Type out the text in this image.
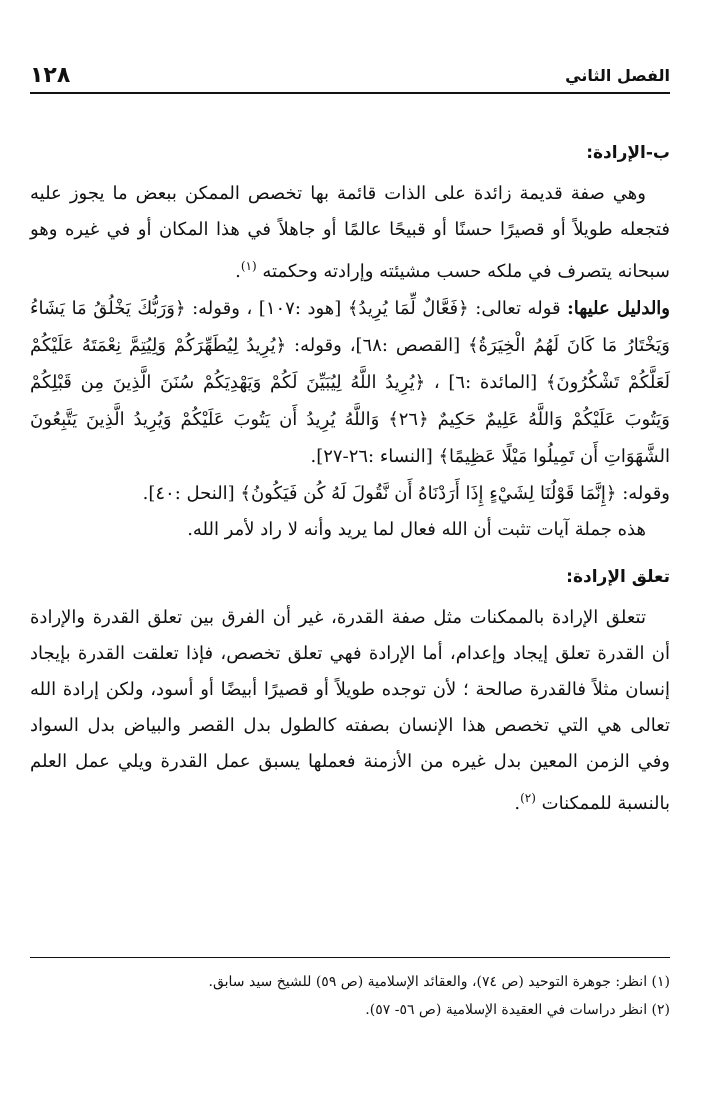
الفصل الثاني
١٢٨
ب-الإرادة:

وهي صفة قديمة زائدة على الذات قائمة بها تخصص الممكن ببعض ما يجوز عليه فتجعله طويلاً أو قصيرًا حسنًا أو قبيحًا عالمًا أو جاهلاً في هذا المكان أو في غيره وهو سبحانه يتصرف في ملكه حسب مشيئته وإرادته وحكمته $^{(١)}$.

والدليل عليها: قوله تعالى: ﴿فَعَّالٌ لِّمَا يُرِيدُ﴾ [هود :١٠٧] ، وقوله: ﴿وَرَبُّكَ يَخْلُقُ مَا يَشَاءُ وَيَخْتَارُ مَا كَانَ لَهُمُ الْخِيَرَةُ﴾ [القصص :٦٨]، وقوله: ﴿يُرِيدُ لِيُطَهِّرَكُمْ وَلِيُتِمَّ نِعْمَتَهُ عَلَيْكُمْ لَعَلَّكُمْ تَشْكُرُونَ﴾ [المائدة :٦] ، ﴿يُرِيدُ اللَّهُ لِيُبَيِّنَ لَكُمْ وَيَهْدِيَكُمْ سُنَنَ الَّذِينَ مِن قَبْلِكُمْ وَيَتُوبَ عَلَيْكُمْ وَاللَّهُ عَلِيمٌ حَكِيمٌ ﴿٢٦﴾ وَاللَّهُ يُرِيدُ أَن يَتُوبَ عَلَيْكُمْ وَيُرِيدُ الَّذِينَ يَتَّبِعُونَ الشَّهَوَاتِ أَن تَمِيلُوا مَيْلًا عَظِيمًا﴾ [النساء :٢٦-٢٧].

وقوله: ﴿إِنَّمَا قَوْلُنَا لِشَيْءٍ إِذَا أَرَدْنَاهُ أَن نَّقُولَ لَهُ كُن فَيَكُونُ﴾ [النحل :٤٠].

هذه جملة آيات تثبت أن الله فعال لما يريد وأنه لا راد لأمر الله.

تعلق الإرادة:

تتعلق الإرادة بالممكنات مثل صفة القدرة، غير أن الفرق بين تعلق القدرة والإرادة أن القدرة تعلق إيجاد وإعدام، أما الإرادة فهي تعلق تخصص، فإذا تعلقت القدرة بإيجاد إنسان مثلاً فالقدرة صالحة ؛ لأن توجده طويلاً أو قصيرًا أبيضًا أو أسود، ولكن إرادة الله تعالى هي التي تخصص هذا الإنسان بصفته كالطول بدل القصر والبياض بدل السواد وفي الزمن المعين بدل غيره من الأزمنة فعملها يسبق عمل القدرة ويلي عمل العلم بالنسبة للممكنات $^{(٢)}$.

(١) انظر: جوهرة التوحيد (ص ٧٤)، والعقائد الإسلامية (ص ٥٩) للشيخ سيد سابق.

(٢) انظر دراسات في العقيدة الإسلامية (ص ٥٦- ٥٧).
